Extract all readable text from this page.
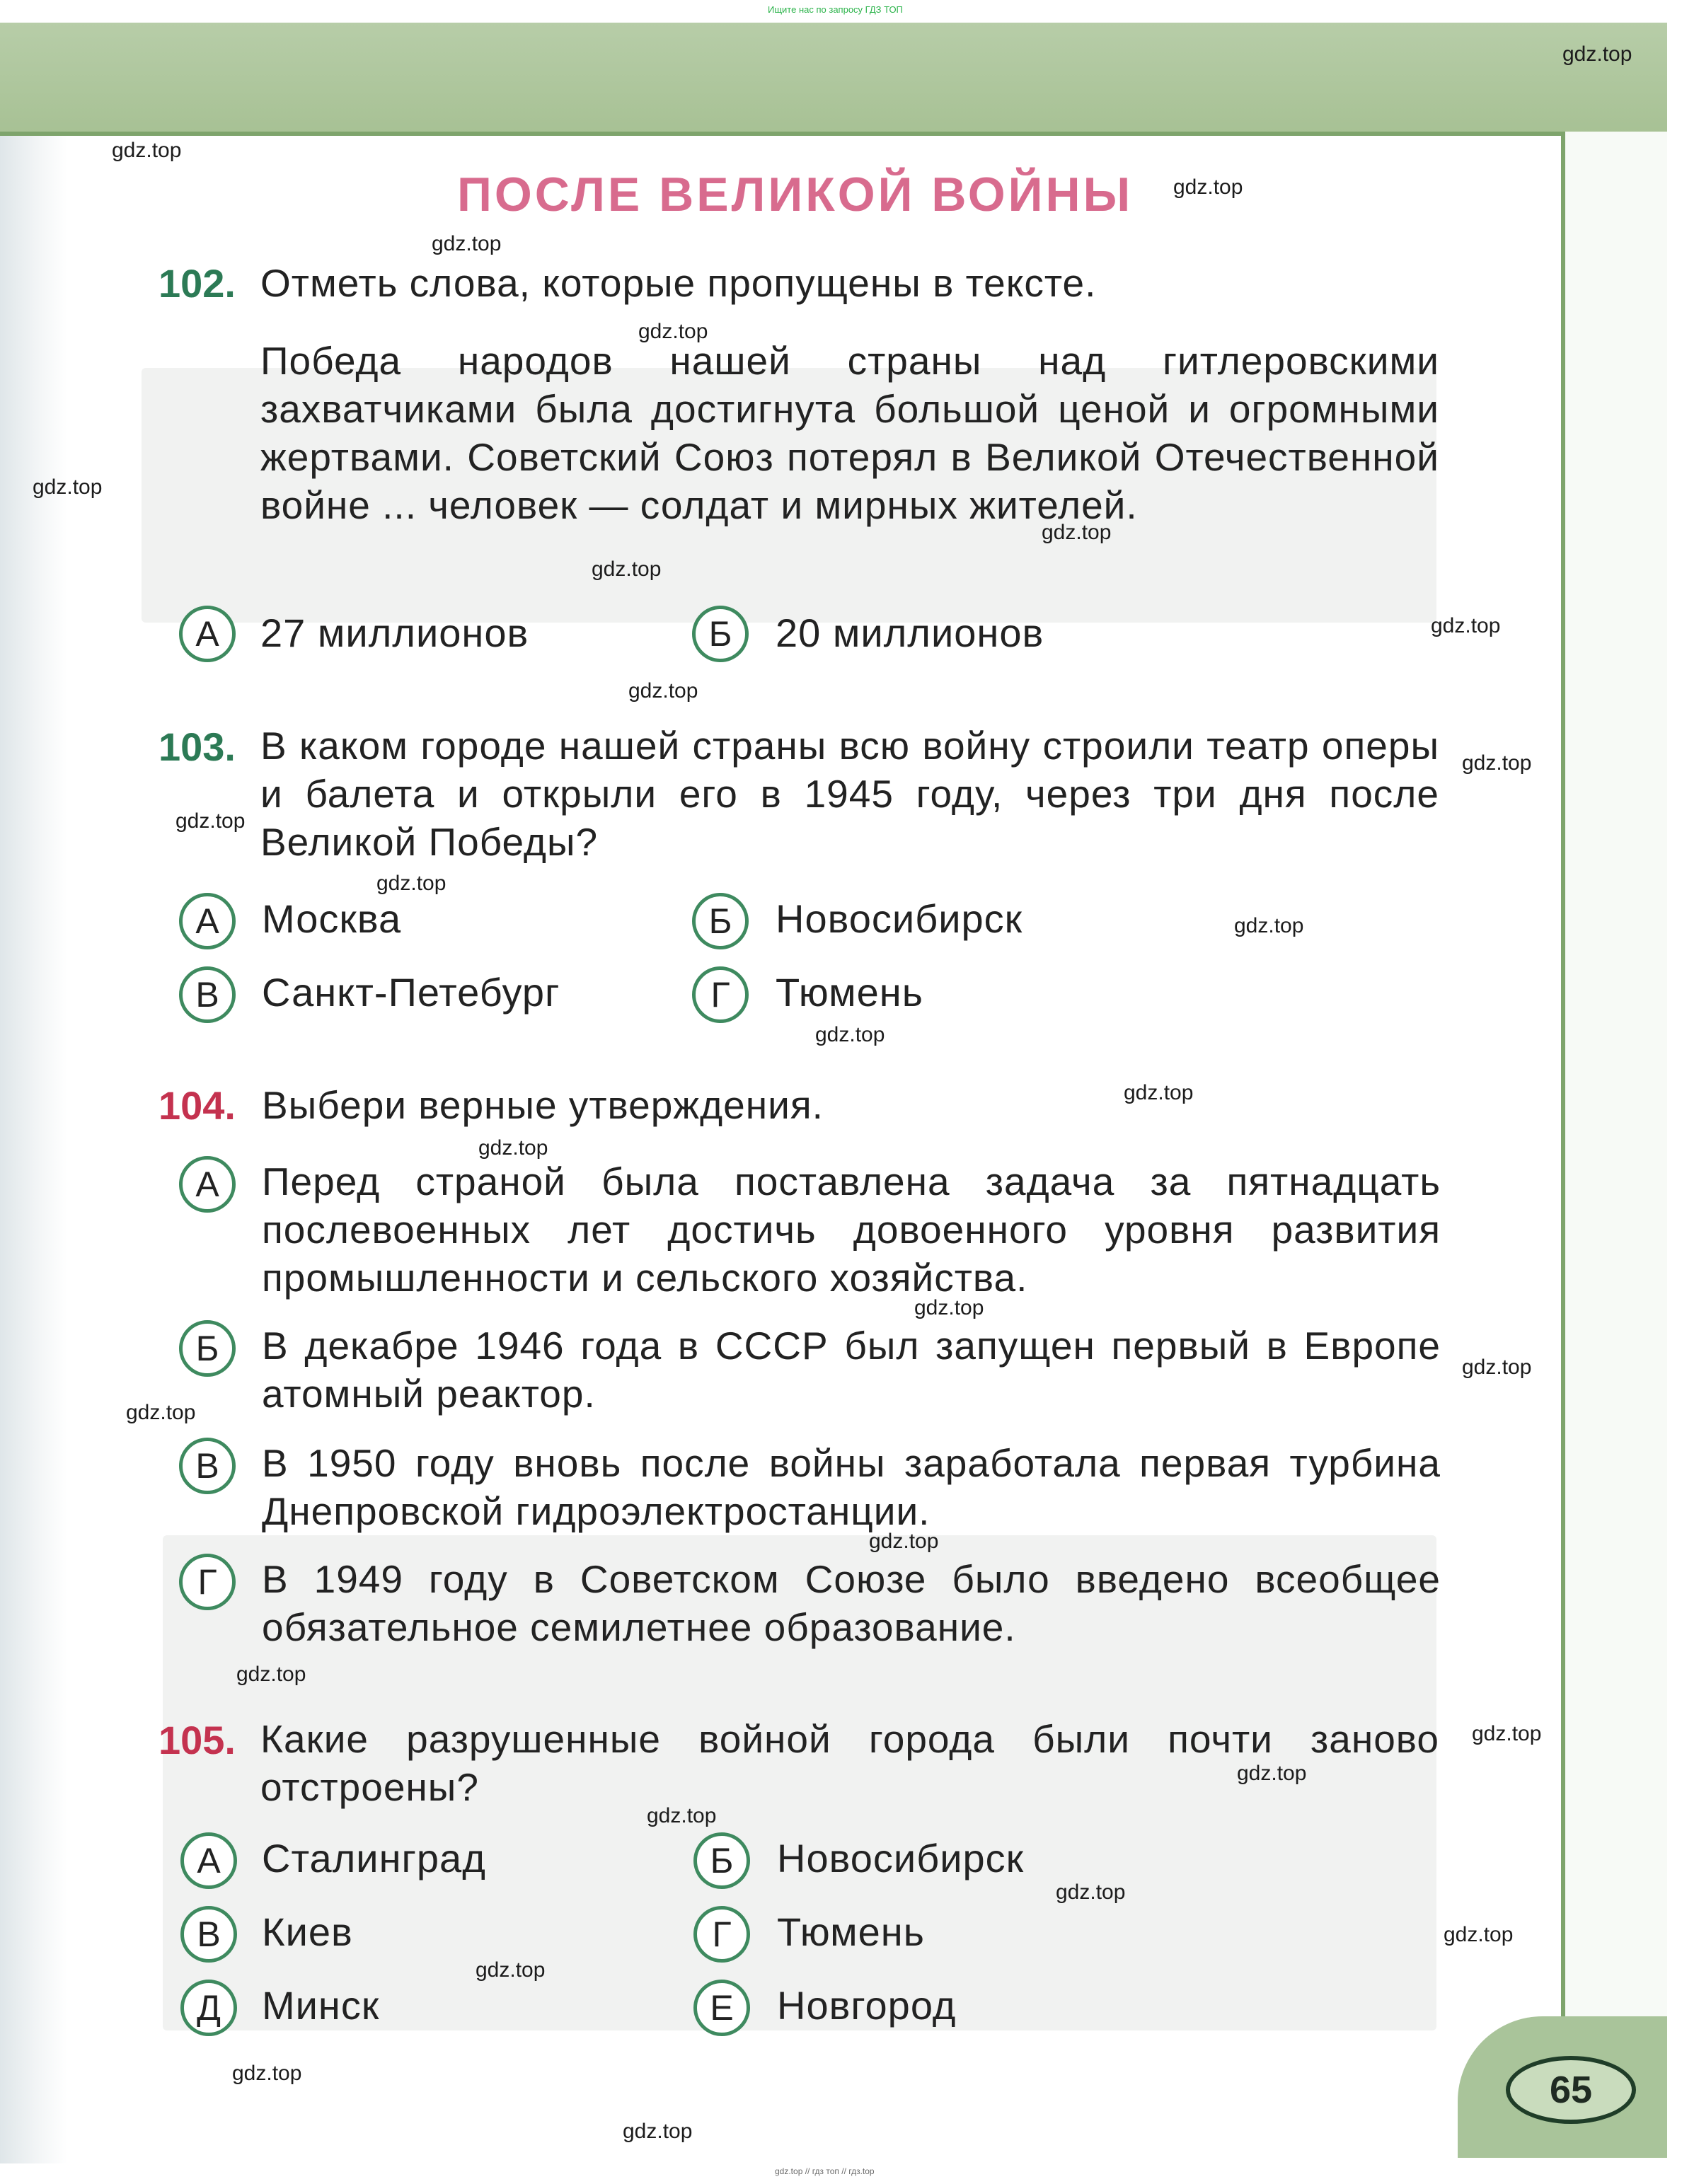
65
Ищите нас по запросу ГДЗ ТОП
gdz.top // гдз топ // гдз.top
ПОСЛЕ ВЕЛИКОЙ ВОЙНЫ
102. Отметь слова, которые пропущены в тексте.
Победа народов нашей страны над гитлеровскими захватчиками была достигнута большой ценой и огромными жертвами. Советский Союз потерял в Великой Отечественной войне ... человек — солдат и мирных жителей.
А	27 миллионов	Б	20 миллионов
103. В каком городе нашей страны всю войну строили театр оперы и балета и открыли его в 1945 году, через три дня после Великой Победы?
А	Москва	Б	Новосибирск
В	Санкт-Петебург	Г	Тюмень
104. Выбери верные утверждения.
А	Перед страной была поставлена задача за пятнадцать послевоенных лет достичь довоенного уровня развития промышленности и сельского хозяйства.
Б	В декабре 1946 года в СССР был запущен первый в Европе атомный реактор.
В	В 1950 году вновь после войны заработала первая турбина Днепровской гидроэлектростанции.
Г	В 1949 году в Советском Союзе было введено всеобщее обязательное семилетнее образование.
105. Какие разрушенные войной города были почти заново отстроены?
А	Сталинград	Б	Новосибирск
В	Киев	Г	Тюмень
Д	Минск	Е	Новгород
gdz.top
gdz.top
gdz.top
gdz.top
gdz.top
gdz.top
gdz.top
gdz.top
gdz.top
gdz.top
gdz.top
gdz.top
gdz.top
gdz.top
gdz.top
gdz.top
gdz.top
gdz.top
gdz.top
gdz.top
gdz.top
gdz.top
gdz.top
gdz.top
gdz.top
gdz.top
gdz.top
gdz.top
gdz.top
gdz.top
